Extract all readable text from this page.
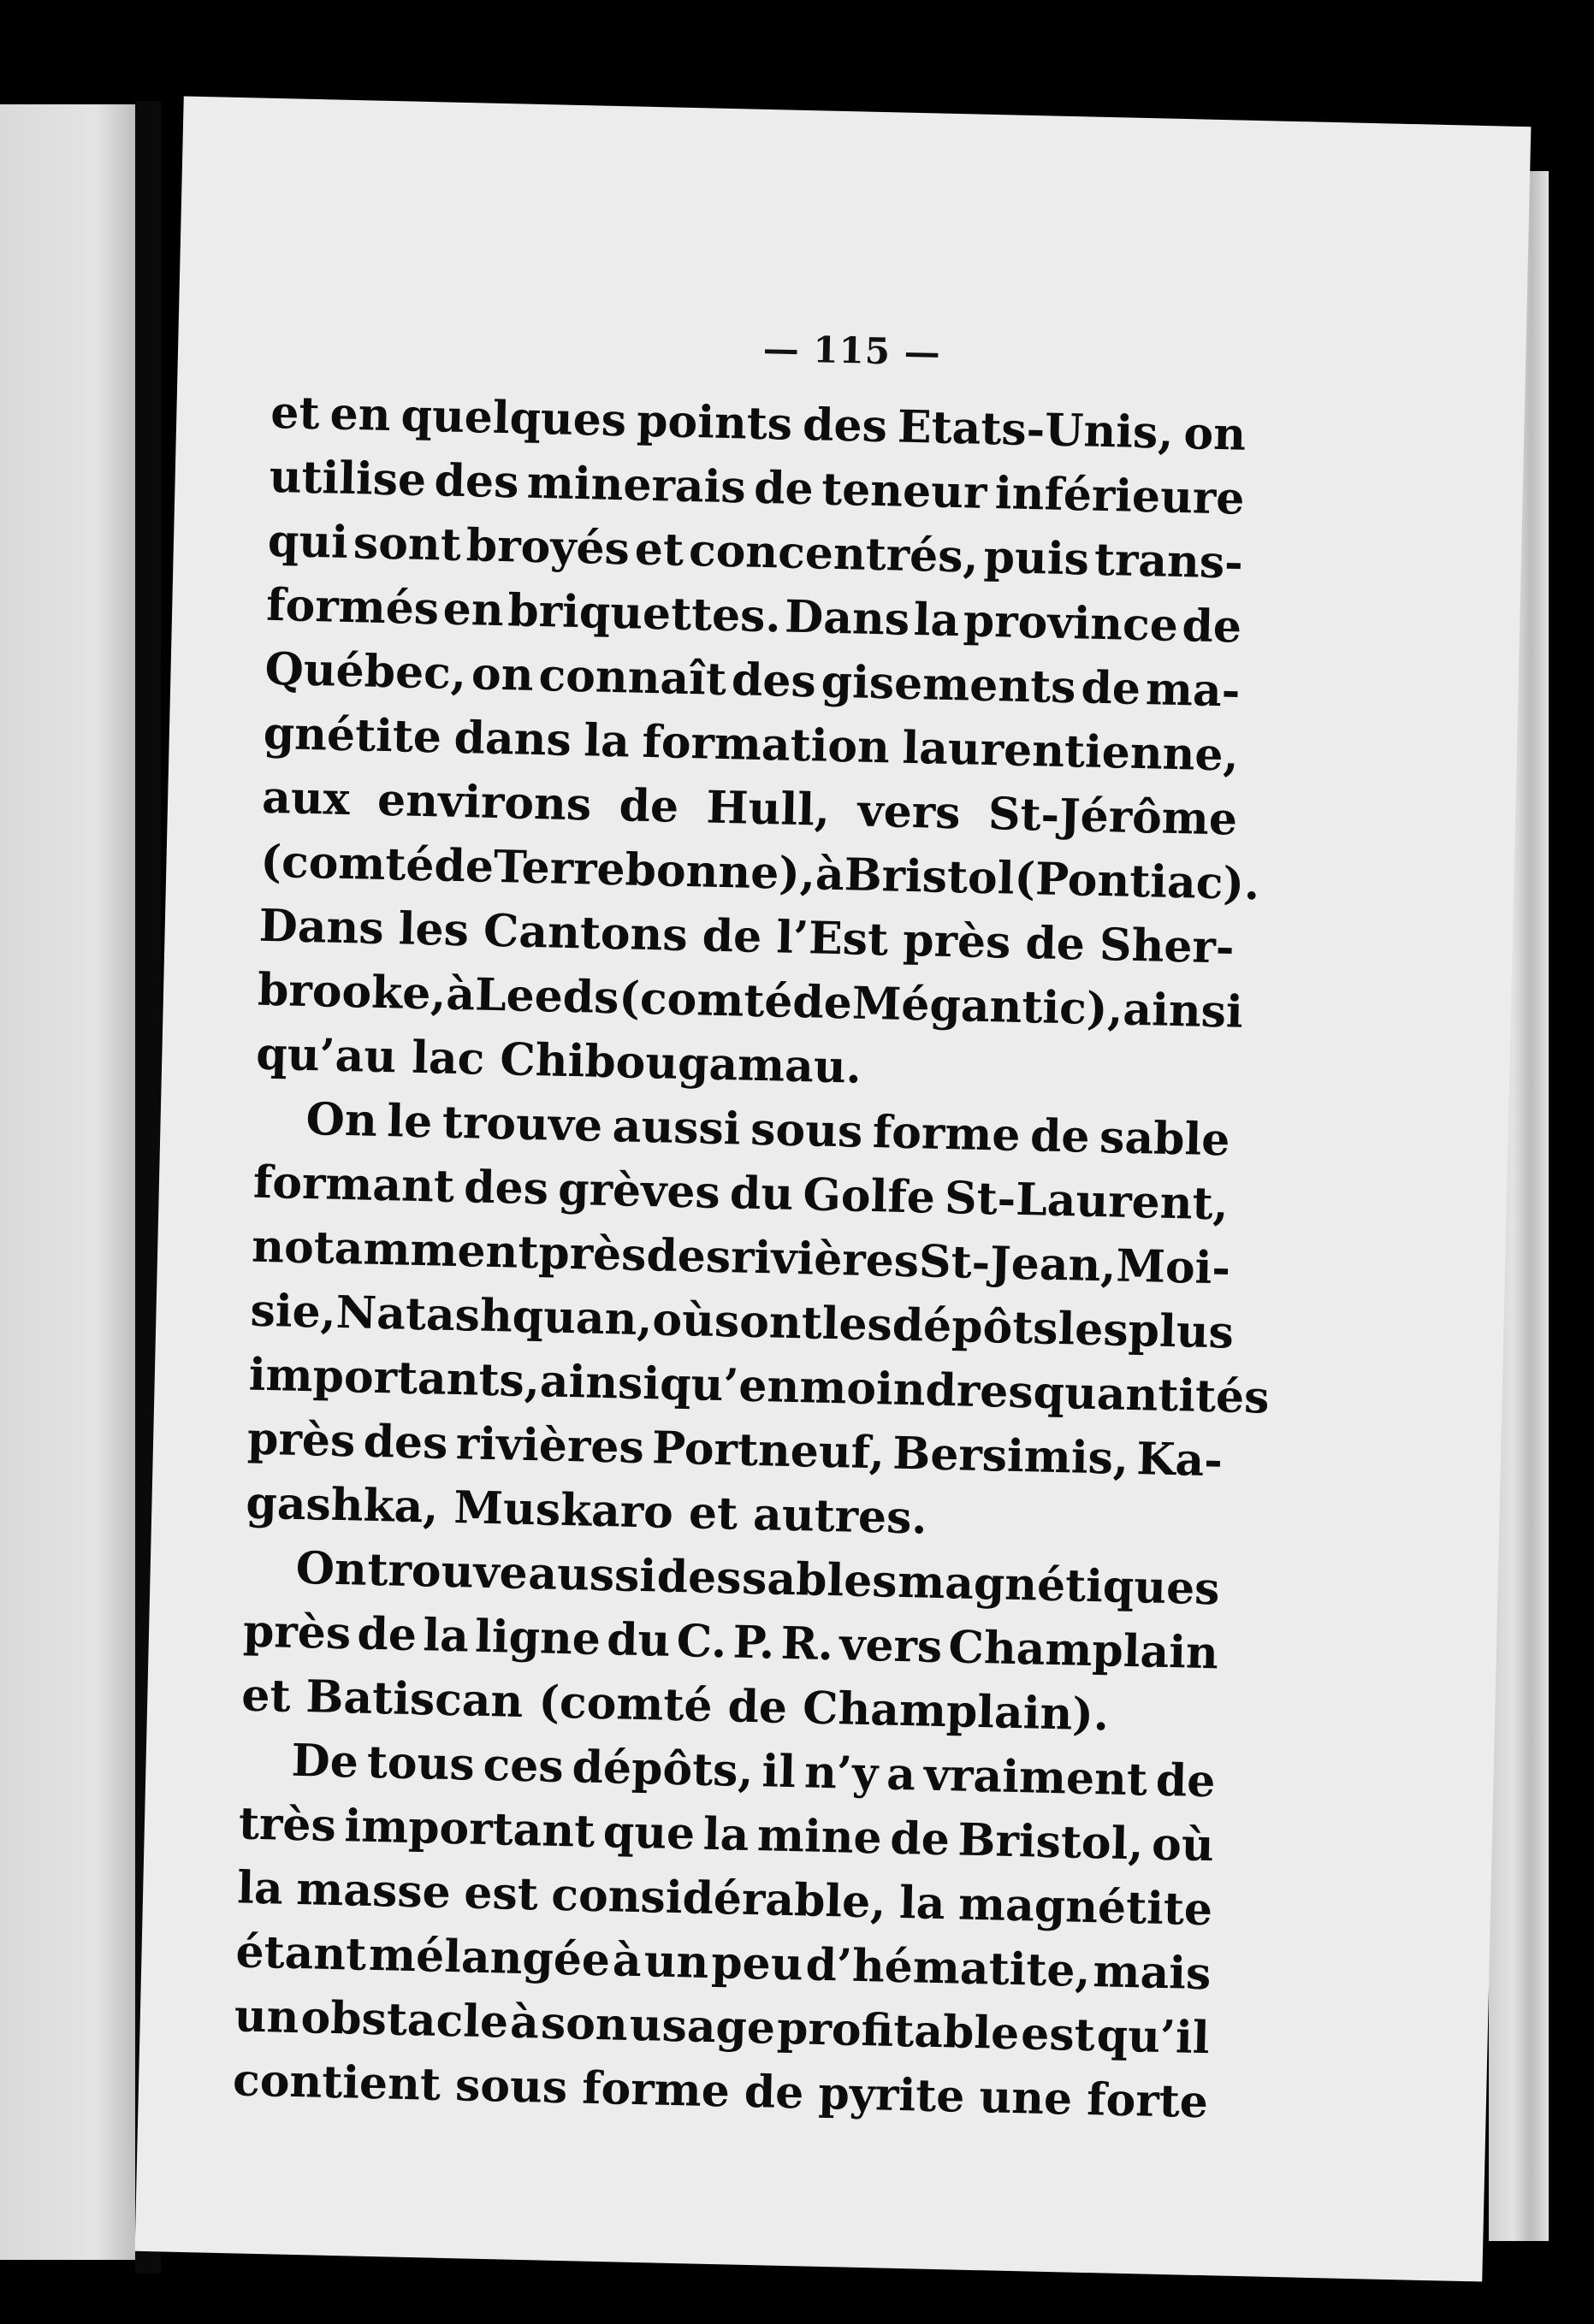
— 115 —
et en quelques points des Etats-Unis, on
utilise des minerais de teneur inférieure
qui sont broyés et concentrés, puis trans-
formés en briquettes. Dans la province de
Québec, on connaît des gisements de ma-
gnétite dans la formation laurentienne,
aux environs de Hull, vers St-Jérôme
(comté
de
Terrebonne),
à
Bristol
(Pontiac).
Dans les Cantons de l’Est près de Sher-
brooke,
à
Leeds
(comté
de
Mégantic),
ainsi
qu’au lac Chibougamau.
On le trouve aussi sous forme de sable
formant des grèves du Golfe St-Laurent,
notamment
près
des
rivières
St-Jean,
Moi-
sie,
Natashquan,
où
sont
les
dépôts
les
plus
importants,
ainsi
qu’en
moindres
quantités
près des rivières Portneuf, Bersimis, Ka-
gashka, Muskaro et autres.
On trouve aussi des sables magnétiques
près de la ligne du C. P. R. vers Champlain
et Batiscan (comté de Champlain).
De tous ces dépôts, il n’y a vraiment de
très important que la mine de Bristol, où
la masse est considérable, la magnétite
étant mélangée à un peu d’hématite, mais
un obstacle à son usage profitable est qu’il
contient sous forme de pyrite une forte
